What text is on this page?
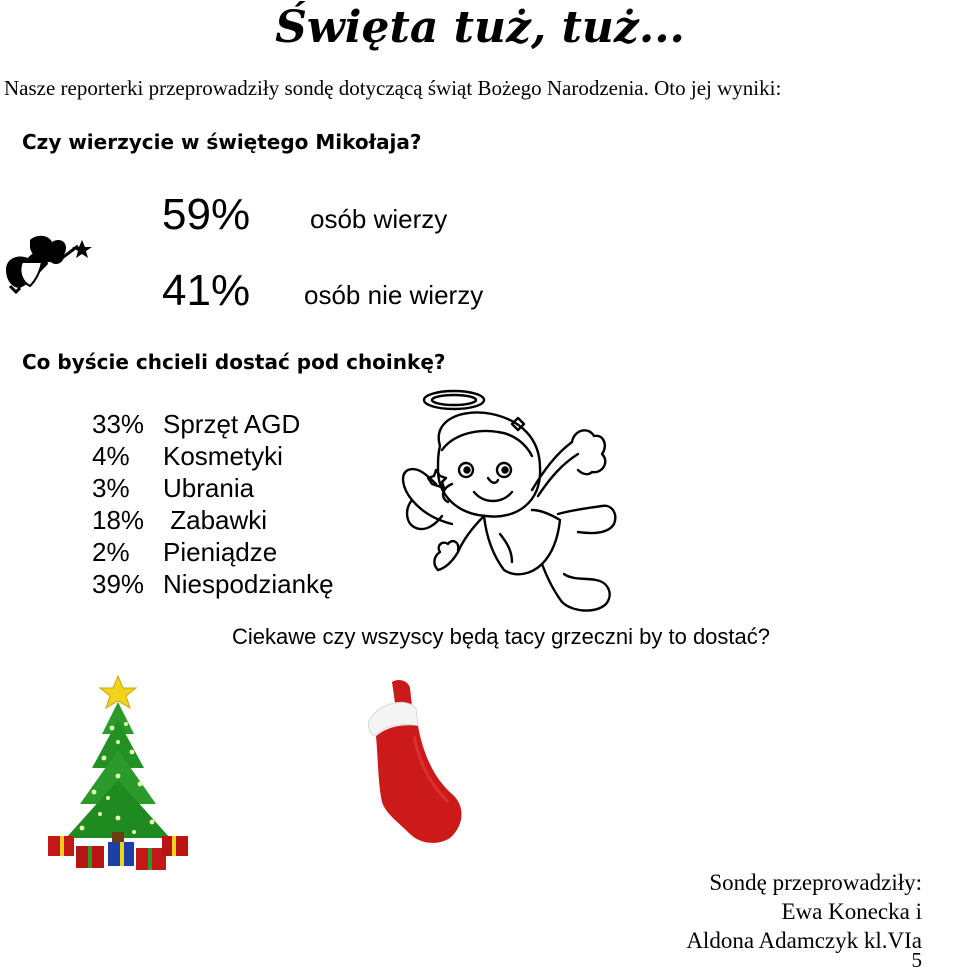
Święta tuż, tuż...
Nasze reporterki przeprowadziły sondę dotyczącą świąt Bożego Narodzenia. Oto jej wyniki:
Czy wierzycie w świętego Mikołaja?
59% osób wierzy
41% osób nie wierzy
Co byście chcieli dostać pod choinkę?
33% Sprzęt AGD
4%	Kosmetyki
3%	Ubrania
18% Zabawki
2%	Pieniądze
39% Niespodziankę
Ciekawe czy wszyscy będą tacy grzeczni by to dostać?
Sondę przeprowadziły:
Ewa Konecka i
Aldona Adamczyk kl.VIa
5
